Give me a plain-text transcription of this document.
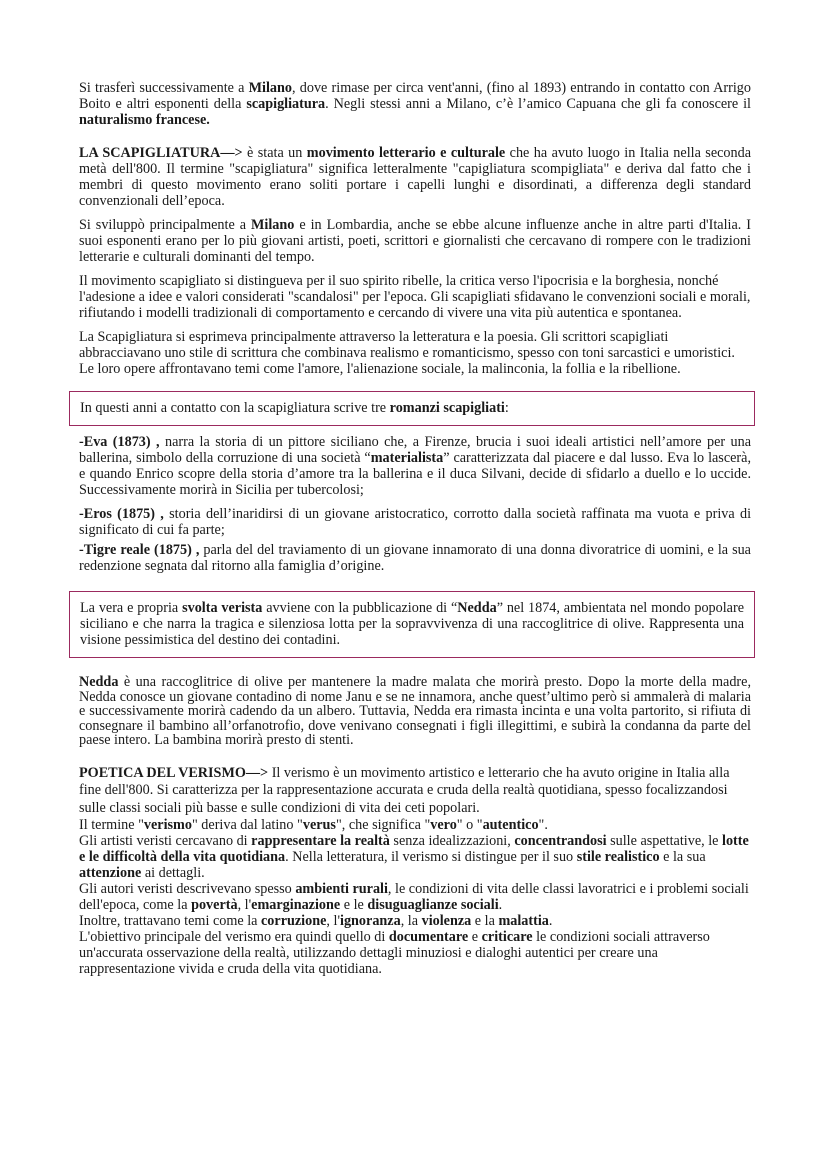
Si trasferì successivamente a Milano, dove rimase per circa vent'anni, (fino al 1893) entrando in contatto con Arrigo Boito e altri esponenti della scapigliatura. Negli stessi anni a Milano, c’è l’amico Capuana che gli fa conoscere il naturalismo francese.

LA SCAPIGLIATURA—> è stata un movimento letterario e culturale che ha avuto luogo in Italia nella seconda metà dell'800. Il termine "scapigliatura" significa letteralmente "capigliatura scompigliata" e deriva dal fatto che i membri di questo movimento erano soliti portare i capelli lunghi e disordinati, a differenza degli standard convenzionali dell’epoca.

Si sviluppò principalmente a Milano e in Lombardia, anche se ebbe alcune influenze anche in altre parti d'Italia. I suoi esponenti erano per lo più giovani artisti, poeti, scrittori e giornalisti che cercavano di rompere con le tradizioni letterarie e culturali dominanti del tempo.

Il movimento scapigliato si distingueva per il suo spirito ribelle, la critica verso l'ipocrisia e la borghesia, nonché l'adesione a idee e valori considerati "scandalosi" per l'epoca. Gli scapigliati sfidavano le convenzioni sociali e morali, rifiutando i modelli tradizionali di comportamento e cercando di vivere una vita più autentica e spontanea.

La Scapigliatura si esprimeva principalmente attraverso la letteratura e la poesia. Gli scrittori scapigliati abbracciavano uno stile di scrittura che combinava realismo e romanticismo, spesso con toni sarcastici e umoristici. Le loro opere affrontavano temi come l'amore, l'alienazione sociale, la malinconia, la follia e la ribellione.

In questi anni a contatto con la scapigliatura scrive tre romanzi scapigliati:

-Eva (1873) , narra la storia di un pittore siciliano che, a Firenze, brucia i suoi ideali artistici nell’amore per una ballerina, simbolo della corruzione di una società “materialista” caratterizzata dal piacere e dal lusso. Eva lo lascerà, e quando Enrico scopre della storia d’amore tra la ballerina e il duca Silvani, decide di sfidarlo a duello e lo uccide. Successivamente morirà in Sicilia per tubercolosi;

-Eros (1875) , storia dell’inaridirsi di un giovane aristocratico, corrotto dalla società raffinata ma vuota e priva di significato di cui fa parte;

-Tigre reale (1875) , parla del del traviamento di un giovane innamorato di una donna divoratrice di uomini, e la sua redenzione segnata dal ritorno alla famiglia d’origine.

La vera e propria svolta verista avviene con la pubblicazione di “Nedda” nel 1874, ambientata nel mondo popolare siciliano e che narra la tragica e silenziosa lotta per la sopravvivenza di una raccoglitrice di olive. Rappresenta una visione pessimistica del destino dei contadini.

Nedda è una raccoglitrice di olive per mantenere la madre malata che morirà presto. Dopo la morte della madre, Nedda conosce un giovane contadino di nome Janu e se ne innamora, anche quest’ultimo però si ammalerà di malaria e successivamente morirà cadendo da un albero. Tuttavia, Nedda era rimasta incinta e una volta partorito, si rifiuta di consegnare il bambino all’orfanotrofio, dove venivano consegnati i figli illegittimi, e subirà la condanna da parte del paese intero. La bambina morirà presto di stenti.

POETICA DEL VERISMO—> Il verismo è un movimento artistico e letterario che ha avuto origine in Italia alla fine dell'800. Si caratterizza per la rappresentazione accurata e cruda della realtà quotidiana, spesso focalizzandosi sulle classi sociali più basse e sulle condizioni di vita dei ceti popolari.

Il termine "verismo" deriva dal latino "verus", che significa "vero" o "autentico".

Gli artisti veristi cercavano di rappresentare la realtà senza idealizzazioni, concentrandosi sulle aspettative, le lotte e le difficoltà della vita quotidiana. Nella letteratura, il verismo si distingue per il suo stile realistico e la sua attenzione ai dettagli.

Gli autori veristi descrivevano spesso ambienti rurali, le condizioni di vita delle classi lavoratrici e i problemi sociali dell'epoca, come la povertà, l'emarginazione e le disuguaglianze sociali.

Inoltre, trattavano temi come la corruzione, l'ignoranza, la violenza e la malattia.

L'obiettivo principale del verismo era quindi quello di documentare e criticare le condizioni sociali attraverso un'accurata osservazione della realtà, utilizzando dettagli minuziosi e dialoghi autentici per creare una rappresentazione vivida e cruda della vita quotidiana.
